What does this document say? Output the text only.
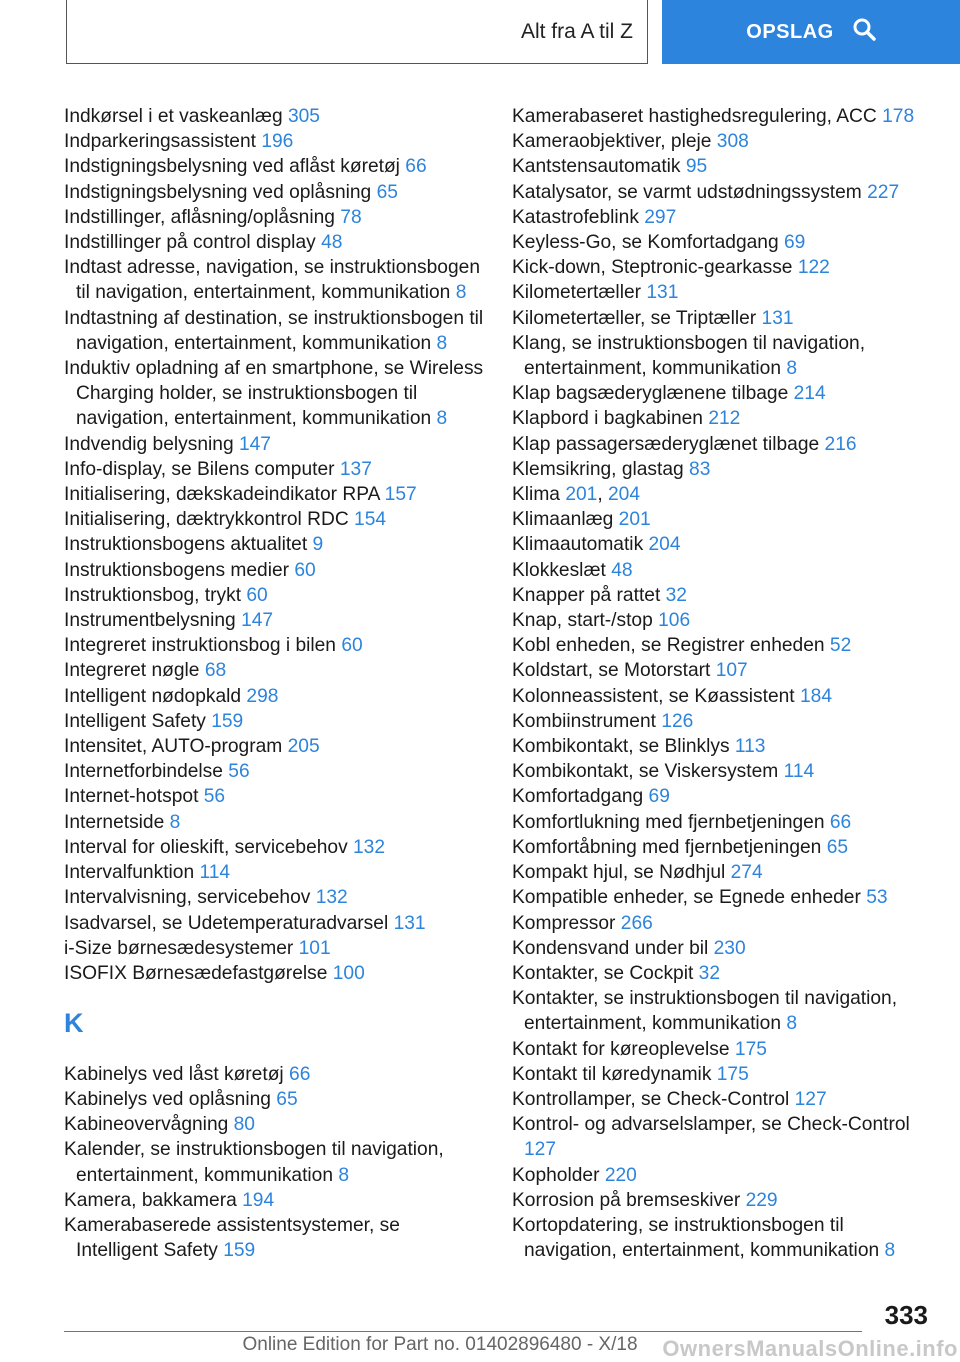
Alt fra A til Z	OPSLAG
Indkørsel i et vaskeanlæg 305
Indparkeringsassistent 196
Indstigningsbelysning ved aflåst køretøj 66
Indstigningsbelysning ved oplåsning 65
Indstillinger, aflåsning/oplåsning 78
Indstillinger på control display 48
Indtast adresse, navigation, se instruktionsbogen til navigation, entertainment, kommunikation 8
Indtastning af destination, se instruktionsbogen til navigation, entertainment, kommunikation 8
Induktiv opladning af en smartphone, se Wireless Charging holder, se instruktionsbogen til navigation, entertainment, kommunikation 8
Indvendig belysning 147
Info-display, se Bilens computer 137
Initialisering, dækskadeindikator RPA 157
Initialisering, dæktrykkontrol RDC 154
Instruktionsbogens aktualitet 9
Instruktionsbogens medier 60
Instruktionsbog, trykt 60
Instrumentbelysning 147
Integreret instruktionsbog i bilen 60
Integreret nøgle 68
Intelligent nødopkald 298
Intelligent Safety 159
Intensitet, AUTO-program 205
Internetforbindelse 56
Internet-hotspot 56
Internetside 8
Interval for olieskift, servicebehov 132
Intervalfunktion 114
Intervalvisning, servicebehov 132
Isadvarsel, se Udetemperaturadvarsel 131
i-Size børnesædesystemer 101
ISOFIX Børnesædefastgørelse 100
K
Kabinelys ved låst køretøj 66
Kabinelys ved oplåsning 65
Kabineovervågning 80
Kalender, se instruktionsbogen til navigation, entertainment, kommunikation 8
Kamera, bakkamera 194
Kamerabaserede assistentsystemer, se Intelligent Safety 159
Kamerabaseret hastighedsregulering, ACC 178
Kameraobjektiver, pleje 308
Kantstensautomatik 95
Katalysator, se varmt udstødningssystem 227
Katastrofeblink 297
Keyless-Go, se Komfortadgang 69
Kick-down, Steptronic-gearkasse 122
Kilometertæller 131
Kilometertæller, se Triptæller 131
Klang, se instruktionsbogen til navigation, entertainment, kommunikation 8
Klap bagsæderyglænene tilbage 214
Klapbord i bagkabinen 212
Klap passagersæderyglænet tilbage 216
Klemsikring, glastag 83
Klima 201, 204
Klimaanlæg 201
Klimaautomatik 204
Klokkeslæt 48
Knapper på rattet 32
Knap, start-/stop 106
Kobl enheden, se Registrer enheden 52
Koldstart, se Motorstart 107
Kolonneassistent, se Køassistent 184
Kombiinstrument 126
Kombikontakt, se Blinklys 113
Kombikontakt, se Viskersystem 114
Komfortadgang 69
Komfortlukning med fjernbetjeningen 66
Komfortåbning med fjernbetjeningen 65
Kompakt hjul, se Nødhjul 274
Kompatible enheder, se Egnede enheder 53
Kompressor 266
Kondensvand under bil 230
Kontakter, se Cockpit 32
Kontakter, se instruktionsbogen til navigation, entertainment, kommunikation 8
Kontakt for køreoplevelse 175
Kontakt til køredynamik 175
Kontrollamper, se Check-Control 127
Kontrol- og advarselslamper, se Check-Control 127
Kopholder 220
Korrosion på bremseskiver 229
Kortopdatering, se instruktionsbogen til navigation, entertainment, kommunikation 8
333
Online Edition for Part no. 01402896480 - X/18	OwnersManualsOnline.info
